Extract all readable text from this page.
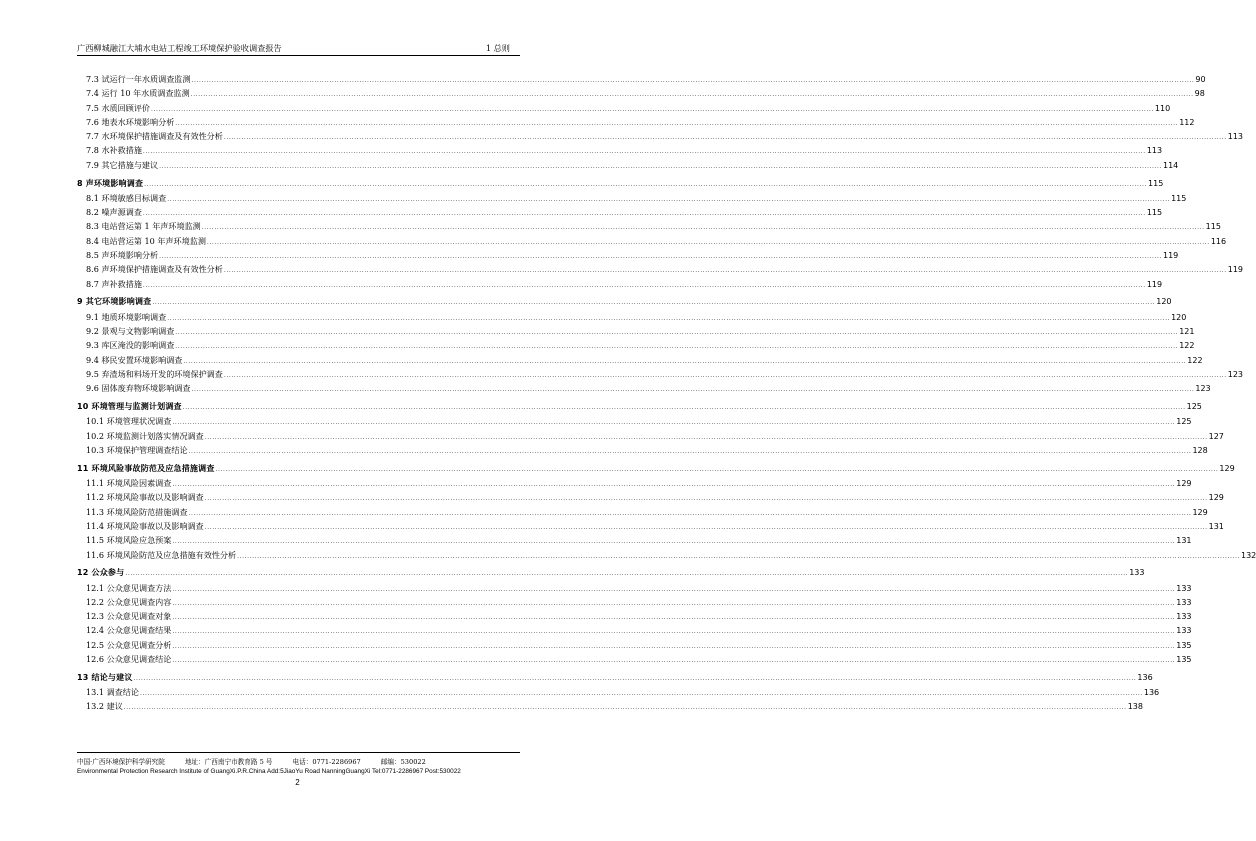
广西柳城融江大埔水电站工程竣工环境保护验收调查报告	1 总则
7.3 试运行一年水质调查监测 ................................................................................................................................................................................................................................................................................................................................................................................................................ 90
7.4 运行 10 年水质调查监测 ................................................................................................................................................................................................................................................................................................................................................................................................................ 98
7.5 水质回顾评价 ................................................................................................................................................................................................................................................................................................................................................................................................................ 110
7.6 地表水环境影响分析 ................................................................................................................................................................................................................................................................................................................................................................................................................ 112
7.7 水环境保护措施调查及有效性分析 ................................................................................................................................................................................................................................................................................................................................................................................................................ 113
7.8 水补救措施 ................................................................................................................................................................................................................................................................................................................................................................................................................ 113
7.9 其它措施与建议 ................................................................................................................................................................................................................................................................................................................................................................................................................ 114
8 声环境影响调查 ................................................................................................................................................................................................................................................................................................................................................................................................................ 115
8.1 环境敏感目标调查 ................................................................................................................................................................................................................................................................................................................................................................................................................ 115
8.2 噪声源调查 ................................................................................................................................................................................................................................................................................................................................................................................................................ 115
8.3 电站营运第 1 年声环境监测 ................................................................................................................................................................................................................................................................................................................................................................................................................ 115
8.4 电站营运第 10 年声环境监测 ................................................................................................................................................................................................................................................................................................................................................................................................................ 116
8.5 声环境影响分析 ................................................................................................................................................................................................................................................................................................................................................................................................................ 119
8.6 声环境保护措施调查及有效性分析 ................................................................................................................................................................................................................................................................................................................................................................................................................ 119
8.7 声补救措施 ................................................................................................................................................................................................................................................................................................................................................................................................................ 119
9 其它环境影响调查 ................................................................................................................................................................................................................................................................................................................................................................................................................ 120
9.1 地质环境影响调查 ................................................................................................................................................................................................................................................................................................................................................................................................................ 120
9.2 景观与文物影响调查 ................................................................................................................................................................................................................................................................................................................................................................................................................ 121
9.3 库区淹没的影响调查 ................................................................................................................................................................................................................................................................................................................................................................................................................ 122
9.4 移民安置环境影响调查 ................................................................................................................................................................................................................................................................................................................................................................................................................ 122
9.5 弃渣场和料场开发的环境保护调查 ................................................................................................................................................................................................................................................................................................................................................................................................................ 123
9.6 固体废弃物环境影响调查 ................................................................................................................................................................................................................................................................................................................................................................................................................ 123
10 环境管理与监测计划调查 ................................................................................................................................................................................................................................................................................................................................................................................................................ 125
10.1 环境管理状况调查 ................................................................................................................................................................................................................................................................................................................................................................................................................ 125
10.2 环境监测计划落实情况调查 ................................................................................................................................................................................................................................................................................................................................................................................................................ 127
10.3 环境保护管理调查结论 ................................................................................................................................................................................................................................................................................................................................................................................................................ 128
11 环境风险事故防范及应急措施调查 ................................................................................................................................................................................................................................................................................................................................................................................................................ 129
11.1 环境风险因素调查 ................................................................................................................................................................................................................................................................................................................................................................................................................ 129
11.2 环境风险事故以及影响调查 ................................................................................................................................................................................................................................................................................................................................................................................................................ 129
11.3 环境风险防范措施调查 ................................................................................................................................................................................................................................................................................................................................................................................................................ 129
11.4 环境风险事故以及影响调查 ................................................................................................................................................................................................................................................................................................................................................................................................................ 131
11.5 环境风险应急预案 ................................................................................................................................................................................................................................................................................................................................................................................................................ 131
11.6 环境风险防范及应急措施有效性分析 ................................................................................................................................................................................................................................................................................................................................................................................................................ 132
12 公众参与 ................................................................................................................................................................................................................................................................................................................................................................................................................ 133
12.1 公众意见调查方法 ................................................................................................................................................................................................................................................................................................................................................................................................................ 133
12.2 公众意见调查内容 ................................................................................................................................................................................................................................................................................................................................................................................................................ 133
12.3 公众意见调查对象 ................................................................................................................................................................................................................................................................................................................................................................................................................ 133
12.4 公众意见调查结果 ................................................................................................................................................................................................................................................................................................................................................................................................................ 133
12.5 公众意见调查分析 ................................................................................................................................................................................................................................................................................................................................................................................................................ 135
12.6 公众意见调查结论 ................................................................................................................................................................................................................................................................................................................................................................................................................ 135
13 结论与建议 ................................................................................................................................................................................................................................................................................................................................................................................................................ 136
13.1 调查结论 ................................................................................................................................................................................................................................................................................................................................................................................................................ 136
13.2 建议 ................................................................................................................................................................................................................................................................................................................................................................................................................ 138
中国·广西环境保护科学研究院	地址：广西南宁市教育路 5 号	电话：0771-2286967	邮编：530022
Environmental Protection Research Institute of GuangXi.P.R.China Add:5JiaoYu Road NanningGuangXi Tel:0771-2286967 Post:530022
2
